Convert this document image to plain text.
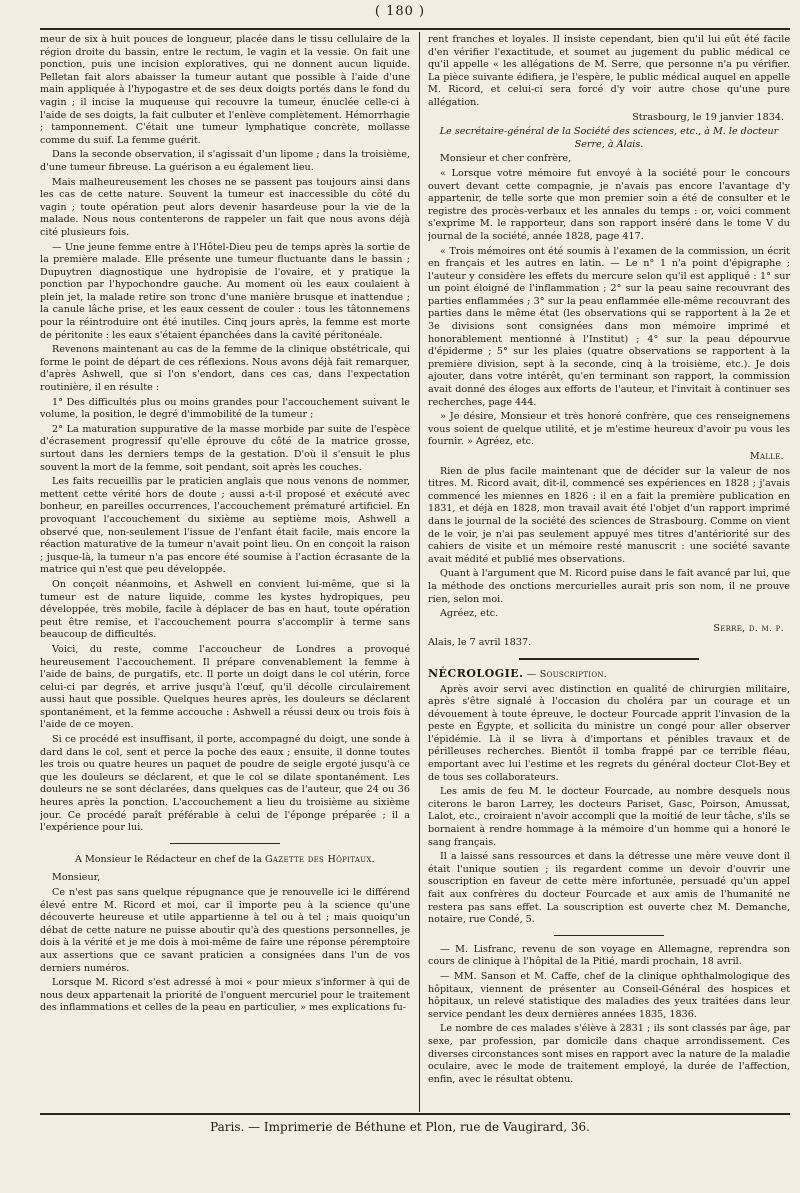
( 180 )

meur de six à huit pouces de longueur, placée dans le tissu cellulaire de la région droite du bassin, entre le rectum, le vagin et la vessie. On fait une ponction, puis une incision exploratives, qui ne donnent aucun liquide. Pelletan fait alors abaisser la tumeur autant que possible à l'aide d'une main appliquée à l'hypogastre et de ses deux doigts portés dans le fond du vagin ; il incise la muqueuse qui recouvre la tumeur, énuclée celle-ci à l'aide de ses doigts, la fait culbuter et l'enlève complètement. Hémorrhagie ; tamponnement. C'était une tumeur lymphatique concrète, mollasse comme du suif. La femme guérit.

Dans la seconde observation, il s'agissait d'un lipome ; dans la troisième, d'une tumeur fibreuse. La guérison a eu également lieu.

Mais malheureusement les choses ne se passent pas toujours ainsi dans les cas de cette nature. Souvent la tumeur est inaccessible du côté du vagin ; toute opération peut alors devenir hasardeuse pour la vie de la malade. Nous nous contenterons de rappeler un fait que nous avons déjà cité plusieurs fois.

— Une jeune femme entre à l'Hôtel-Dieu peu de temps après la sortie de la première malade. Elle présente une tumeur fluctuante dans le bassin ; Dupuytren diagnostique une hydropisie de l'ovaire, et y pratique la ponction par l'hypochondre gauche. Au moment où les eaux coulaient à plein jet, la malade retire son tronc d'une manière brusque et inattendue ; la canule lâche prise, et les eaux cessent de couler : tous les tâtonnemens pour la réintroduire ont été inutiles. Cinq jours après, la femme est morte de péritonite : les eaux s'étaient épanchées dans la cavité péritonéale.

Revenons maintenant au cas de la femme de la clinique obstétricale, qui forme le point de départ de ces réflexions. Nous avons déjà fait remarquer, d'après Ashwell, que si l'on s'endort, dans ces cas, dans l'expectation routinière, il en résulte :

1° Des difficultés plus ou moins grandes pour l'accouchement suivant le volume, la position, le degré d'immobilité de la tumeur ;

2° La maturation suppurative de la masse morbide par suite de l'espèce d'écrasement progressif qu'elle éprouve du côté de la matrice grosse, surtout dans les derniers temps de la gestation. D'où il s'ensuit le plus souvent la mort de la femme, soit pendant, soit après les couches.

Les faits recueillis par le praticien anglais que nous venons de nommer, mettent cette vérité hors de doute ; aussi a-t-il proposé et exécuté avec bonheur, en pareilles occurrences, l'accouchement prématuré artificiel. En provoquant l'accouchement du sixième au septième mois, Ashwell a observé que, non-seulement l'issue de l'enfant était facile, mais encore la réaction maturative de la tumeur n'avait point lieu. On en conçoit la raison ; jusque-là, la tumeur n'a pas encore été soumise à l'action écrasante de la matrice qui n'est que peu développée.

On conçoit néanmoins, et Ashwell en convient lui-même, que si la tumeur est de nature liquide, comme les kystes hydropiques, peu développée, très mobile, facile à déplacer de bas en haut, toute opération peut être remise, et l'accouchement pourra s'accomplir à terme sans beaucoup de difficultés.

Voici, du reste, comme l'accoucheur de Londres a provoqué heureusement l'accouchement. Il prépare convenablement la femme à l'aide de bains, de purgatifs, etc. Il porte un doigt dans le col utérin, force celui-ci par degrés, et arrive jusqu'à l'œuf, qu'il décolle circulairement aussi haut que possible. Quelques heures après, les douleurs se déclarent spontanément, et la femme accouche : Ashwell a réussi deux ou trois fois à l'aide de ce moyen.

Si ce procédé est insuffisant, il porte, accompagné du doigt, une sonde à dard dans le col, sent et perce la poche des eaux ; ensuite, il donne toutes les trois ou quatre heures un paquet de poudre de seigle ergoté jusqu'à ce que les douleurs se déclarent, et que le col se dilate spontanément. Les douleurs ne se sont déclarées, dans quelques cas de l'auteur, que 24 ou 36 heures après la ponction. L'accouchement a lieu du troisième au sixième jour. Ce procédé paraît préférable à celui de l'éponge préparée ; il a l'expérience pour lui.

A Monsieur le Rédacteur en chef de la Gazette des Hôpitaux.

Monsieur,

Ce n'est pas sans quelque répugnance que je renouvelle ici le différend élevé entre M. Ricord et moi, car il importe peu à la science qu'une découverte heureuse et utile appartienne à tel ou à tel ; mais quoiqu'un débat de cette nature ne puisse aboutir qu'à des questions personnelles, je dois à la vérité et je me dois à moi-même de faire une réponse péremptoire aux assertions que ce savant praticien a consignées dans l'un de vos derniers numéros.

Lorsque M. Ricord s'est adressé à moi « pour mieux s'informer à qui de nous deux appartenait la priorité de l'onguent mercuriel pour le traitement des inflammations et celles de la peau en particulier, » mes explications fu-

rent franches et loyales. Il insiste cependant, bien qu'il lui eût été facile d'en vérifier l'exactitude, et soumet au jugement du public médical ce qu'il appelle « les allégations de M. Serre, que personne n'a pu vérifier. La pièce suivante édifiera, je l'espère, le public médical auquel en appelle M. Ricord, et celui-ci sera forcé d'y voir autre chose qu'une pure allégation.

Strasbourg, le 19 janvier 1834.

Le secrétaire-général de la Société des sciences, etc., à M. le docteur Serre, à Alais.

Monsieur et cher confrère,

« Lorsque votre mémoire fut envoyé à la société pour le concours ouvert devant cette compagnie, je n'avais pas encore l'avantage d'y appartenir, de telle sorte que mon premier soin a été de consulter et le registre des procès-verbaux et les annales du temps : or, voici comment s'exprime M. le rapporteur, dans son rapport inséré dans le tome V du journal de la société, année 1828, page 417.

« Trois mémoires ont été soumis à l'examen de la commission, un écrit en français et les autres en latin. — Le n° 1 n'a point d'épigraphe ; l'auteur y considère les effets du mercure selon qu'il est appliqué : 1° sur un point éloigné de l'inflammation ; 2° sur la peau saine recouvrant des parties enflammées ; 3° sur la peau enflammée elle-même recouvrant des parties dans le même état (les observations qui se rapportent à la 2e et 3e divisions sont consignées dans mon mémoire imprimé et honorablement mentionné à l'Institut) ; 4° sur la peau dépourvue d'épiderme ; 5° sur les plaies (quatre observations se rapportent à la première division, sept à la seconde, cinq à la troisième, etc.). Je dois ajouter, dans votre intérêt, qu'en terminant son rapport, la commission avait donné des éloges aux efforts de l'auteur, et l'invitait à continuer ses recherches, page 444.

» Je désire, Monsieur et très honoré confrère, que ces renseignemens vous soient de quelque utilité, et je m'estime heureux d'avoir pu vous les fournir. » Agréez, etc.

Malle.

Rien de plus facile maintenant que de décider sur la valeur de nos titres. M. Ricord avait, dit-il, commencé ses expériences en 1828 ; j'avais commencé les miennes en 1826 : il en a fait la première publication en 1831, et déjà en 1828, mon travail avait été l'objet d'un rapport imprimé dans le journal de la société des sciences de Strasbourg. Comme on vient de le voir, je n'ai pas seulement appuyé mes titres d'antériorité sur des cahiers de visite et un mémoire resté manuscrit : une société savante avait médité et publié mes observations.

Quant à l'argument que M. Ricord puise dans le fait avancé par lui, que la méthode des onctions mercurielles aurait pris son nom, il ne prouve rien, selon moi.

Agréez, etc.

Serre, d. m. p.

Alais, le 7 avril 1837.

NÉCROLOGIE. — Souscription.

Après avoir servi avec distinction en qualité de chirurgien militaire, après s'être signalé à l'occasion du choléra par un courage et un dévouement à toute épreuve, le docteur Fourcade apprit l'invasion de la peste en Égypte, et sollicita du ministre un congé pour aller observer l'épidémie. Là il se livra à d'importans et pénibles travaux et de périlleuses recherches. Bientôt il tomba frappé par ce terrible fléau, emportant avec lui l'estime et les regrets du général docteur Clot-Bey et de tous ses collaborateurs.

Les amis de feu M. le docteur Fourcade, au nombre desquels nous citerons le baron Larrey, les docteurs Pariset, Gasc, Poirson, Amussat, Lalot, etc., croiraient n'avoir accompli que la moitié de leur tâche, s'ils se bornaient à rendre hommage à la mémoire d'un homme qui a honoré le sang français.

Il a laissé sans ressources et dans la détresse une mère veuve dont il était l'unique soutien ; ils regardent comme un devoir d'ouvrir une souscription en faveur de cette mère infortunée, persuadé qu'un appel fait aux confrères du docteur Fourcade et aux amis de l'humanité ne restera pas sans effet. La souscription est ouverte chez M. Demanche, notaire, rue Condé, 5.

— M. Lisfranc, revenu de son voyage en Allemagne, reprendra son cours de clinique à l'hôpital de la Pitié, mardi prochain, 18 avril.

— MM. Sanson et M. Caffe, chef de la clinique ophthalmologique des hôpitaux, viennent de présenter au Conseil-Général des hospices et hôpitaux, un relevé statistique des maladies des yeux traitées dans leur service pendant les deux dernières années 1835, 1836.

Le nombre de ces malades s'élève à 2831 ; ils sont classés par âge, par sexe, par profession, par domicile dans chaque arrondissement. Ces diverses circonstances sont mises en rapport avec la nature de la maladie oculaire, avec le mode de traitement employé, la durée de l'affection, enfin, avec le résultat obtenu.

Paris. — Imprimerie de Béthune et Plon, rue de Vaugirard, 36.
